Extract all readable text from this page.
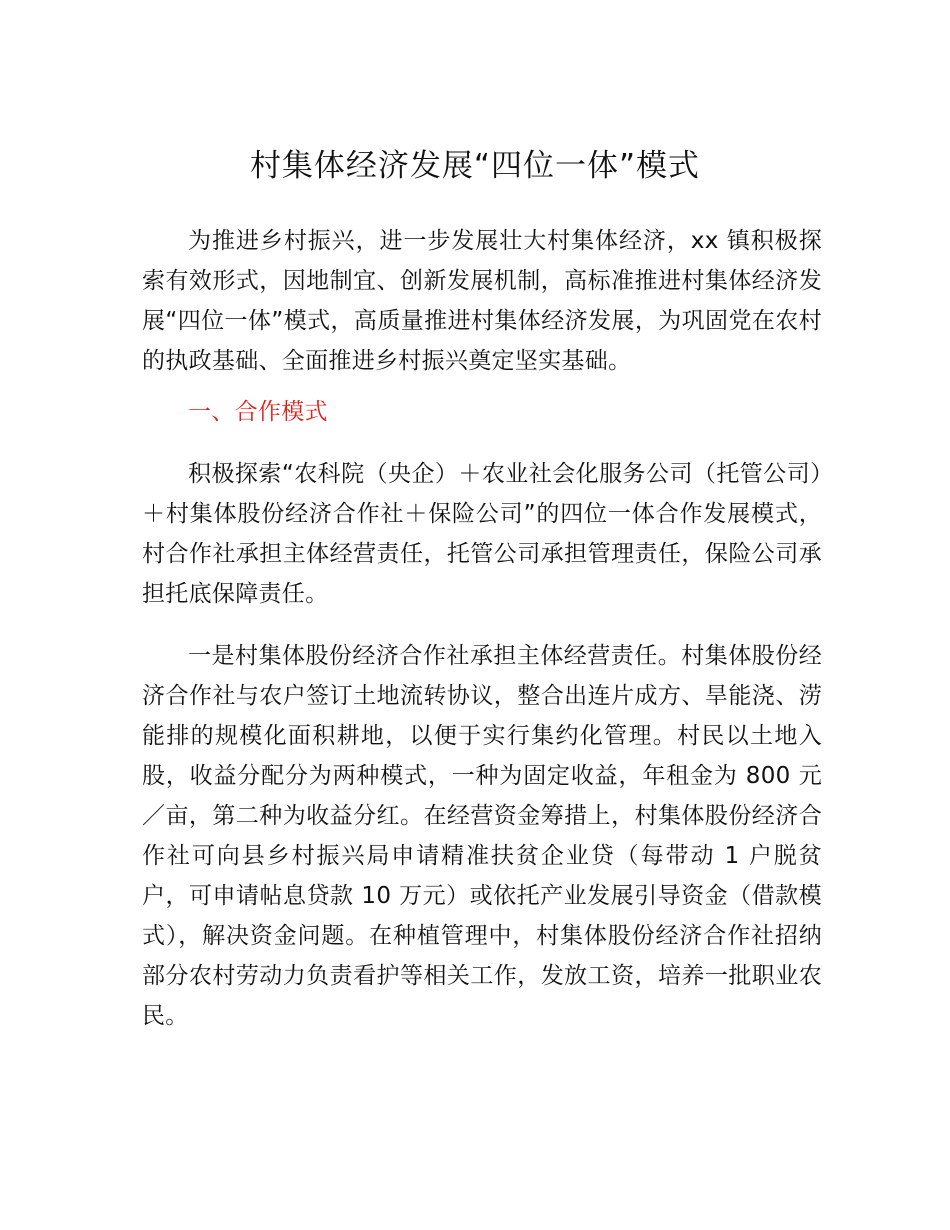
村集体经济发展“四位一体”模式

为推进乡村振兴，进一步发展壮大村集体经济，xx 镇积极探索有效形式，因地制宜、创新发展机制，高标准推进村集体经济发展“四位一体”模式，高质量推进村集体经济发展，为巩固党在农村的执政基础、全面推进乡村振兴奠定坚实基础。

一、合作模式

积极探索“农科院（央企）＋农业社会化服务公司（托管公司）＋村集体股份经济合作社＋保险公司”的四位一体合作发展模式，村合作社承担主体经营责任，托管公司承担管理责任，保险公司承担托底保障责任。

一是村集体股份经济合作社承担主体经营责任。村集体股份经济合作社与农户签订土地流转协议，整合出连片成方、旱能浇、涝能排的规模化面积耕地，以便于实行集约化管理。村民以土地入股，收益分配分为两种模式，一种为固定收益，年租金为 800 元／亩，第二种为收益分红。在经营资金筹措上，村集体股份经济合作社可向县乡村振兴局申请精准扶贫企业贷（每带动 1 户脱贫户，可申请帖息贷款 10 万元）或依托产业发展引导资金（借款模式），解决资金问题。在种植管理中，村集体股份经济合作社招纳部分农村劳动力负责看护等相关工作，发放工资，培养一批职业农民。
